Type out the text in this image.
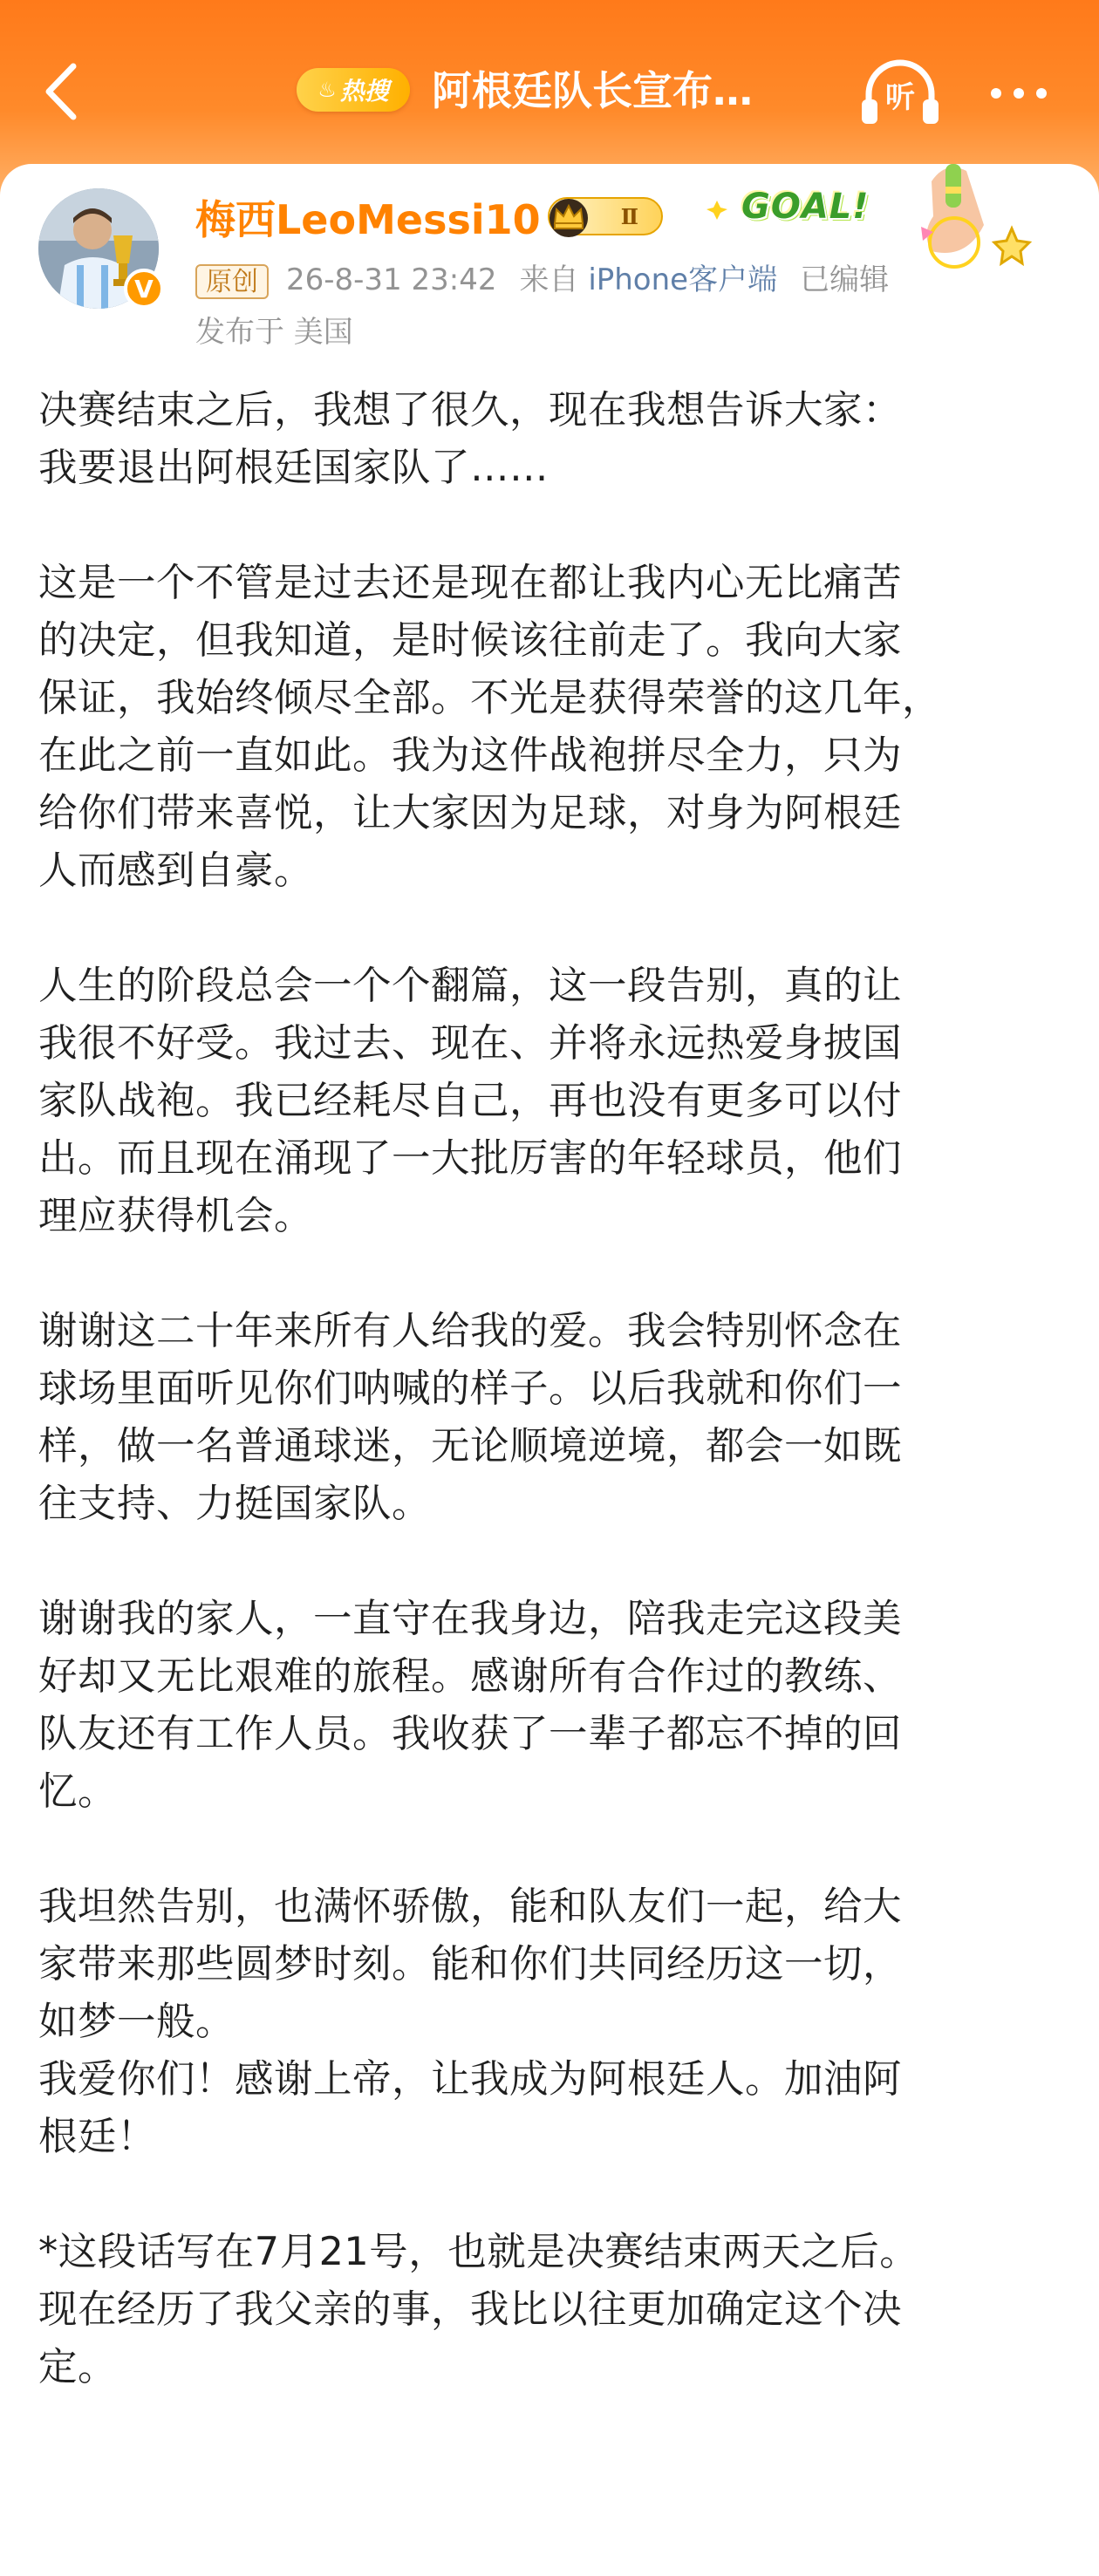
♨ 热搜 阿根廷队长宣布…	听
V
梅西LeoMessi10	Ⅱ	GOAL!
原创 26-8-31 23:42 来自 iPhone客户端 已编辑
发布于 美国
决赛结束之后，我想了很久，现在我想告诉大家：
我要退出阿根廷国家队了……
这是一个不管是过去还是现在都让我内心无比痛苦
的决定，但我知道，是时候该往前走了。我向大家
保证，我始终倾尽全部。不光是获得荣誉的这几年，
在此之前一直如此。我为这件战袍拼尽全力，只为
给你们带来喜悦，让大家因为足球，对身为阿根廷
人而感到自豪。
人生的阶段总会一个个翻篇，这一段告别，真的让
我很不好受。我过去、现在、并将永远热爱身披国
家队战袍。我已经耗尽自己，再也没有更多可以付
出。而且现在涌现了一大批厉害的年轻球员，他们
理应获得机会。
谢谢这二十年来所有人给我的爱。我会特别怀念在
球场里面听见你们呐喊的样子。以后我就和你们一
样，做一名普通球迷，无论顺境逆境，都会一如既
往支持、力挺国家队。
谢谢我的家人，一直守在我身边，陪我走完这段美
好却又无比艰难的旅程。感谢所有合作过的教练、
队友还有工作人员。我收获了一辈子都忘不掉的回
忆。
我坦然告别，也满怀骄傲，能和队友们一起，给大
家带来那些圆梦时刻。能和你们共同经历这一切，
如梦一般。
我爱你们！感谢上帝，让我成为阿根廷人。加油阿
根廷！
*这段话写在7月21号，也就是决赛结束两天之后。
现在经历了我父亲的事，我比以往更加确定这个决
定。
